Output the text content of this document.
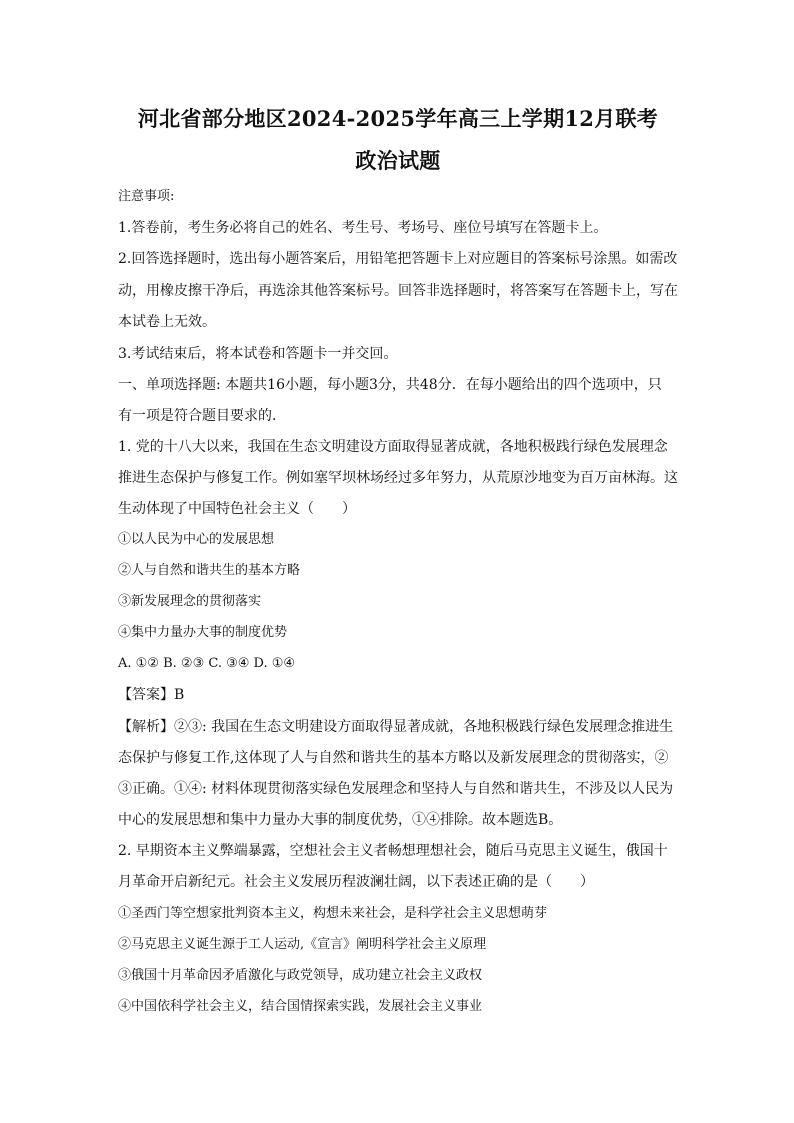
河北省部分地区2024-2025学年高三上学期12月联考
政治试题
注意事项:
1.答卷前，考生务必将自己的姓名、考生号、考场号、座位号填写在答题卡上。
2.回答选择题时，选出每小题答案后，用铅笔把答题卡上对应题目的答案标号涂黑。如需改
动，用橡皮擦干净后，再选涂其他答案标号。回答非选择题时，将答案写在答题卡上，写在
本试卷上无效。
3.考试结束后，将本试卷和答题卡一并交回。
一、单项选择题: 本题共16小题，每小题3分，共48分．在每小题给出的四个选项中，只
有一项是符合题目要求的．
1. 党的十八大以来，我国在生态文明建设方面取得显著成就，各地积极践行绿色发展理念
推进生态保护与修复工作。例如塞罕坝林场经过多年努力，从荒原沙地变为百万亩林海。这
生动体现了中国特色社会主义（　　）
①以人民为中心的发展思想
②人与自然和谐共生的基本方略
③新发展理念的贯彻落实
④集中力量办大事的制度优势
A. ①② B. ②③ C. ③④ D. ①④
【答案】B
【解析】②③: 我国在生态文明建设方面取得显著成就，各地积极践行绿色发展理念推进生
态保护与修复工作,这体现了人与自然和谐共生的基本方略以及新发展理念的贯彻落实，②
③正确。①④: 材料体现贯彻落实绿色发展理念和坚持人与自然和谐共生，不涉及以人民为
中心的发展思想和集中力量办大事的制度优势，①④排除。故本题选B。
2. 早期资本主义弊端暴露，空想社会主义者畅想理想社会，随后马克思主义诞生，俄国十
月革命开启新纪元。社会主义发展历程波澜壮阔，以下表述正确的是（　　）
①圣西门等空想家批判资本主义，构想未来社会，是科学社会主义思想萌芽
②马克思主义诞生源于工人运动,《宣言》阐明科学社会主义原理
③俄国十月革命因矛盾激化与政党领导，成功建立社会主义政权
④中国依科学社会主义，结合国情探索实践，发展社会主义事业
